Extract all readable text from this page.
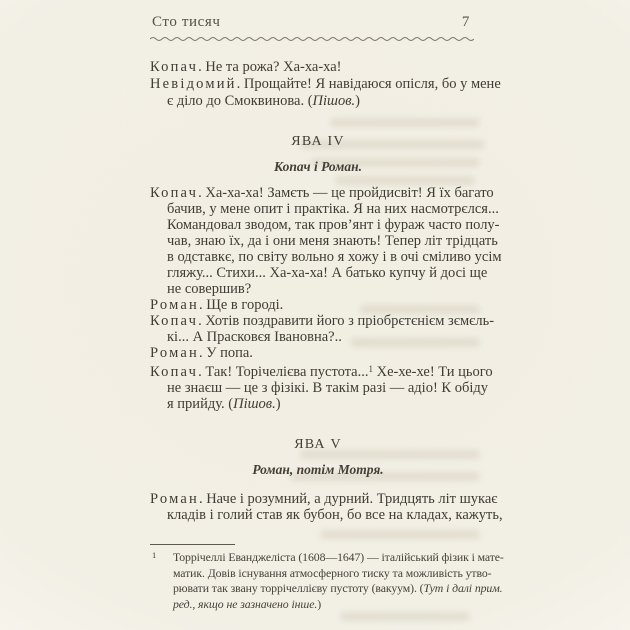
Сто тисяч	7
Копач. Не та рожа? Ха-ха-ха!
Невідомий. Прощайте! Я навідаюся опісля, бо у мене
є діло до Смоквинова. (Пішов.)
ЯВА IV
Копач і Роман.
Копач. Ха-ха-ха! Замєть — це пройдисвіт! Я їх багато
бачив, у мене опит і практіка. Я на них насмотрєлся...
Командовал зводом, так пров’янт і фураж часто полу-
чав, знаю їх, да і они меня знають! Тепер літ трідцать
в одставкє, по світу вольно я хожу і в очі сміливо усім
гляжу... Стихи... Ха-ха-ха! А батько купчу й досі ще
не совершив?
Роман. Ще в городі.
Копач. Хотів поздравити його з пріобрєтєнієм зємєль-
кі... А Прасковєя Івановна?..
Роман. У попа.
Копач. Так! Торічелієва пустота...$^1$ Хе-хе-хе! Ти цього
не знаєш — це з фізікі. В такім разі — адіо! К обіду
я прийду. (Пішов.)
ЯВА V
Роман, потім Мотря.
Роман. Наче і розумний, а дурний. Тридцять літ шукає
кладів і голий став як бубон, бо все на кладах, кажуть,
1 Торрічеллі Еванджеліста (1608—1647) — італійський фізик і мате-
матик. Довів існування атмосферного тиску та можливість утво-
рювати так звану торрічеллієву пустоту (вакуум). (Тут і далі прим.
ред., якщо не зазначено інше.)
